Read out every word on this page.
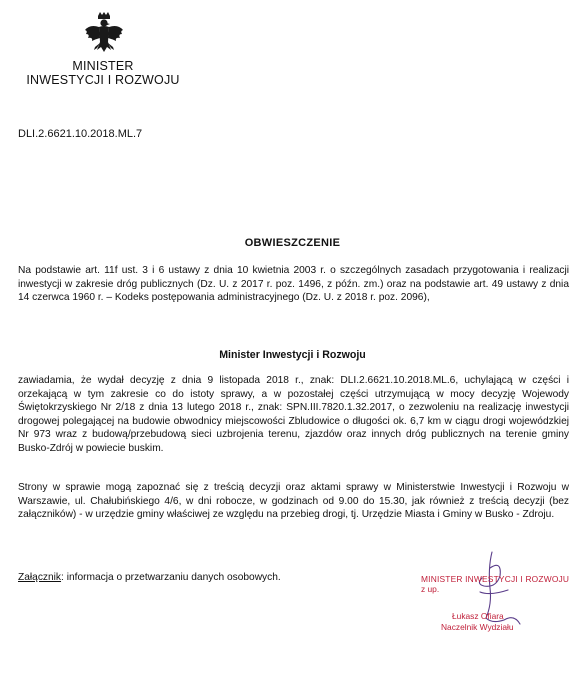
MINISTER
INWESTYCJI I ROZWOJU
DLI.2.6621.10.2018.ML.7
OBWIESZCZENIE
Na podstawie art. 11f ust. 3 i 6 ustawy z dnia 10 kwietnia 2003 r. o szczególnych zasadach przygotowania i realizacji inwestycji w zakresie dróg publicznych (Dz. U. z 2017 r. poz. 1496, z późn. zm.) oraz na podstawie art. 49 ustawy z dnia 14 czerwca 1960 r. – Kodeks postępowania administracyjnego (Dz. U. z 2018 r. poz. 2096),
Minister Inwestycji i Rozwoju
zawiadamia, że wydał decyzję z dnia 9 listopada 2018 r., znak: DLI.2.6621.10.2018.ML.6, uchylającą w części i orzekającą w tym zakresie co do istoty sprawy, a w pozostałej części utrzymującą w mocy decyzję Wojewody Świętokrzyskiego Nr 2/18 z dnia 13 lutego 2018 r., znak: SPN.III.7820.1.32.2017, o zezwoleniu na realizację inwestycji drogowej polegającej na budowie obwodnicy miejscowości Zbludowice o długości ok. 6,7 km w ciągu drogi wojewódzkiej Nr 973 wraz z budową/przebudową sieci uzbrojenia terenu, zjazdów oraz innych dróg publicznych na terenie gminy Busko-Zdrój w powiecie buskim.
Strony w sprawie mogą zapoznać się z treścią decyzji oraz aktami sprawy w Ministerstwie Inwestycji i Rozwoju w Warszawie, ul. Chałubińskiego 4/6, w dni robocze, w godzinach od 9.00 do 15.30, jak również z treścią decyzji (bez załączników) - w urzędzie gminy właściwej ze względu na przebieg drogi, tj. Urzędzie Miasta i Gminy w Busko - Zdroju.
Załącznik: informacja o przetwarzaniu danych osobowych.	MINISTER INWESTYCJI I ROZWOJU
z up.
Łukasz Ofiara
Naczelnik Wydziału
